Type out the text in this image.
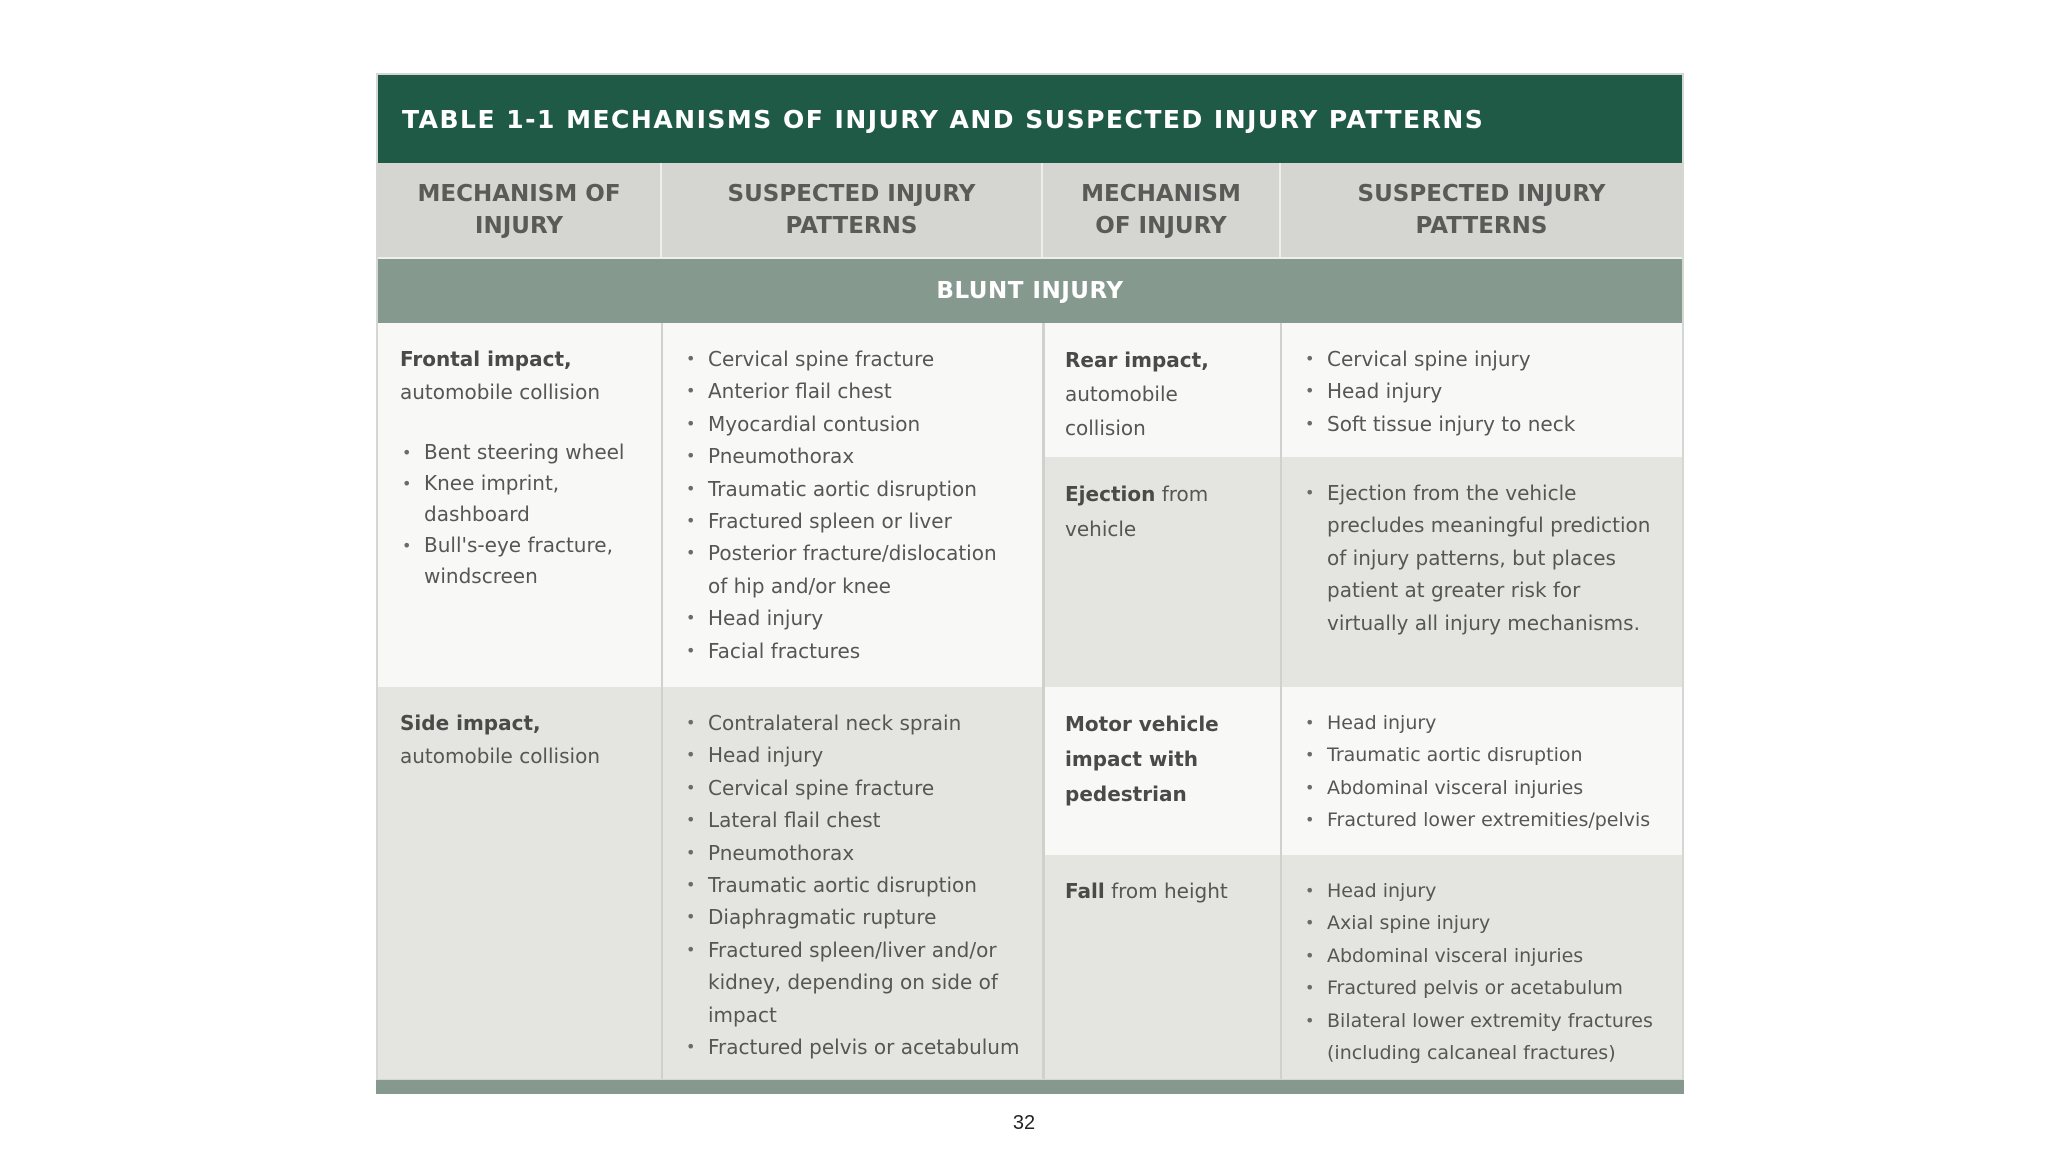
TABLE 1-1 MECHANISMS OF INJURY AND SUSPECTED INJURY PATTERNS
MECHANISM OF INJURY
SUSPECTED INJURY PATTERNS
MECHANISM OF INJURY
SUSPECTED INJURY PATTERNS
BLUNT INJURY
Frontal impact,
automobile collision
• Bent steering wheel
• Knee imprint, dashboard
• Bull's-eye fracture, windscreen
• Cervical spine fracture
• Anterior flail chest
• Myocardial contusion
• Pneumothorax
• Traumatic aortic disruption
• Fractured spleen or liver
• Posterior fracture/dislocation of hip and/or knee
• Head injury
• Facial fractures
Side impact,
automobile collision
• Contralateral neck sprain
• Head injury
• Cervical spine fracture
• Lateral flail chest
• Pneumothorax
• Traumatic aortic disruption
• Diaphragmatic rupture
• Fractured spleen/liver and/or kidney, depending on side of impact
• Fractured pelvis or acetabulum
Rear impact,
automobile collision
• Cervical spine injury
• Head injury
• Soft tissue injury to neck
Ejection from vehicle
• Ejection from the vehicle precludes meaningful prediction of injury patterns, but places patient at greater risk for virtually all injury mechanisms.
Motor vehicle impact with pedestrian
• Head injury
• Traumatic aortic disruption
• Abdominal visceral injuries
• Fractured lower extremities/pelvis
Fall from height
•	Head injury
• Axial spine injury
• Abdominal visceral injuries
• Fractured pelvis or acetabulum
• Bilateral lower extremity fractures (including calcaneal fractures)
32
